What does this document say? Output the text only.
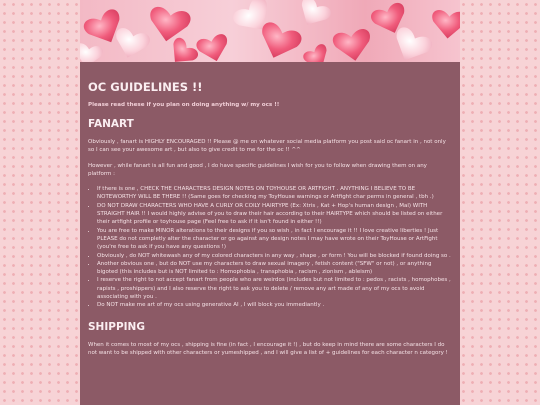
OC GUIDELINES !!
Please read these if you plan on doing anything w/ my ocs !!
FANART

Obviously , fanart is HIGHLY ENCOURAGED !! Please @ me on whatever social media platform you post said oc fanart in , not only so I can see your awesome art , but also to give credit to me for the oc !! ^^

However , while fanart is all fun and good , I do have specific guidelines I wish for you to follow when drawing them on any platform :

• If there is one , CHECK THE CHARACTERS DESIGN NOTES ON TOYHOUSE OR ARTFIGHT . ANYTHING I BELIEVE TO BE NOTEWORTHY WILL BE THERE !! (Same goes for checking my ToyHouse warnings or Artfight char perms in general , tbh .)
• DO NOT DRAW CHARACTERS WHO HAVE A CURLY OR COILY HAIRTYPE (Ex: Xtris , Kat + Hop's human design , Mal) WITH STRAIGHT HAIR !! I would highly advise of you to draw their hair according to their HAIRTYPE which should be listed on either their artfight profile or toyhouse page (Feel free to ask if it isn't found in either !!)
• You are free to make MINOR alterations to their designs if you so wish , in fact I encourage it !! I love creative liberties ! Just PLEASE do not completly alter the character or go against any design notes I may have wrote on their ToyHouse or ArtFight (you're free to ask if you have any questions !)
• Obviously , do NOT whitewash any of my colored characters in any way , shape , or form ! You will be blocked if found doing so .
• Another obvious one , but do NOT use my characters to draw sexual imagery , fetish content ("SFW" or not) , or anything bigoted (this includes but is NOT limited to : Homophobia , transphobia , racism , zionism , ableism)
• I reserve the right to not accept fanart from people who are weirdos (includes but not limited to : pedos , racists , homophobes , rapists , proshippers) and I also reserve the right to ask you to delete / remove any art made of any of my ocs to avoid associating with you .
• Do NOT make me art of my ocs using generative AI , I will block you immediantly .
SHIPPING

When it comes to most of my ocs , shipping is fine (in fact , I encourage it !) , but do keep in mind there are some characters I do not want to be shipped with other characters or yumeshipped , and I will give a list of + guidelines for each character n category !
